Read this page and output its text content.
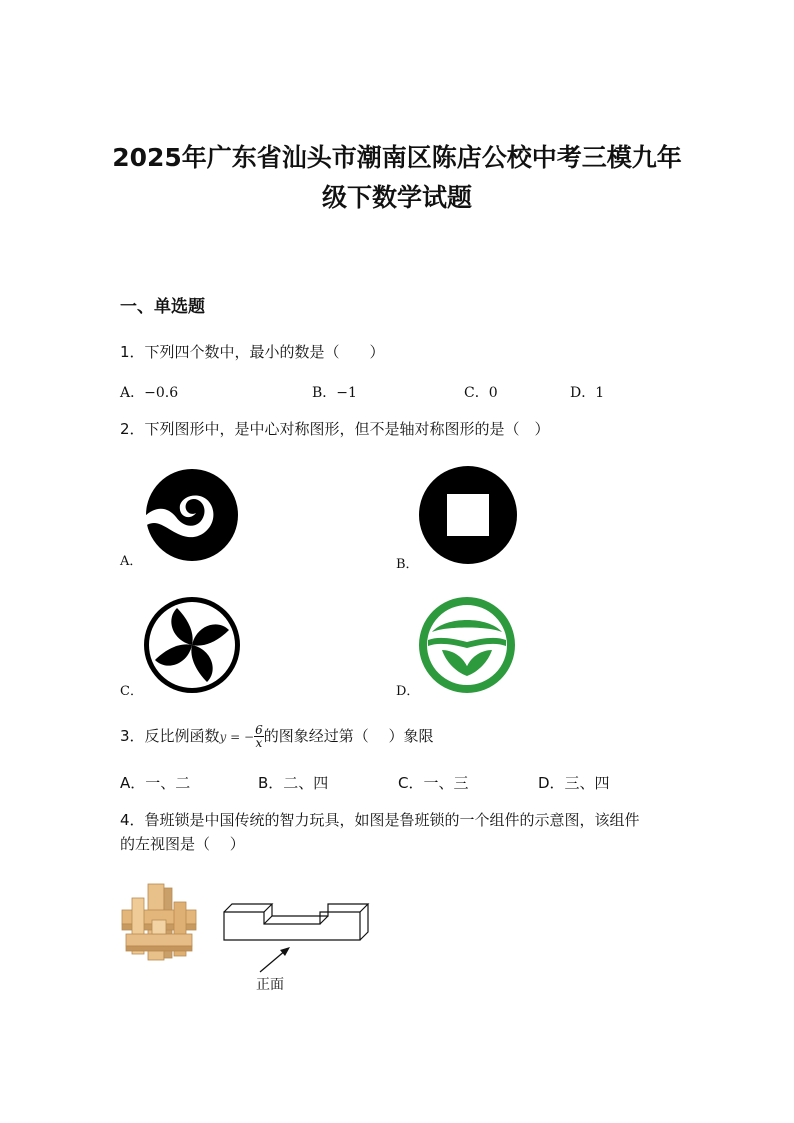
2025年广东省汕头市潮南区陈店公校中考三模九年
级下数学试题
一、单选题
1．下列四个数中，最小的数是（　　）
A．−0.6	B．−1	C．0	D．1
2．下列图形中，是中心对称图形，但不是轴对称图形的是（　）
A．	B．
C．	D．
3．反比例函数y = − $\frac{6}{x}$ 的图象经过第（　 ）象限
A．一、二	B．二、四	C．一、三	D．三、四
4．鲁班锁是中国传统的智力玩具，如图是鲁班锁的一个组件的示意图，该组件
的左视图是（　 ）
正面
